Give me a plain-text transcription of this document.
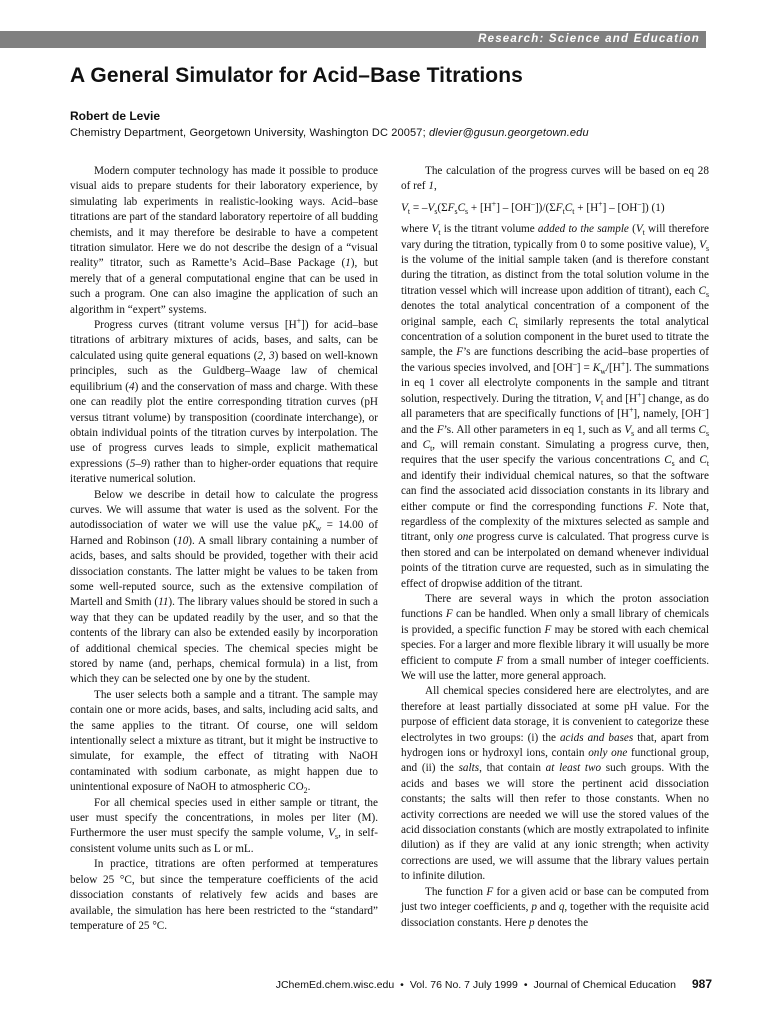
Research: Science and Education
A General Simulator for Acid–Base Titrations
Robert de Levie
Chemistry Department, Georgetown University, Washington DC 20057; dlevier@gusun.georgetown.edu

Modern computer technology has made it possible to produce visual aids to prepare students for their laboratory experience, by simulating lab experiments in realistic-looking ways. Acid–base titrations are part of the standard laboratory repertoire of all budding chemists, and it may therefore be desirable to have a competent titration simulator. Here we do not describe the design of a “visual reality” titrator, such as Ramette’s Acid–Base Package (1), but merely that of a general computational engine that can be used in such a program. One can also imagine the application of such an algorithm in “expert” systems.

Progress curves (titrant volume versus [H+]) for acid–base titrations of arbitrary mixtures of acids, bases, and salts, can be calculated using quite general equations (2, 3) based on well-known principles, such as the Guldberg–Waage law of chemical equilibrium (4) and the conservation of mass and charge. With these one can readily plot the entire corresponding titration curves (pH versus titrant volume) by transposition (coordinate interchange), or obtain individual points of the titration curves by interpolation. The use of progress curves leads to simple, explicit mathematical expressions (5–9) rather than to higher-order equations that require iterative numerical solution.

Below we describe in detail how to calculate the progress curves. We will assume that water is used as the solvent. For the autodissociation of water we will use the value $pK_w = 14.00$ of Harned and Robinson (10). A small library containing a number of acids, bases, and salts should be provided, together with their acid dissociation constants. The latter might be values to be taken from some well-reputed source, such as the extensive compilation of Martell and Smith (11). The library values should be stored in such a way that they can be updated readily by the user, and so that the contents of the library can also be extended easily by incorporation of additional chemical species. The chemical species might be stored by name (and, perhaps, chemical formula) in a list, from which they can be selected one by one by the student.

The user selects both a sample and a titrant. The sample may contain one or more acids, bases, and salts, including acid salts, and the same applies to the titrant. Of course, one will seldom intentionally select a mixture as titrant, but it might be instructive to simulate, for example, the effect of titrating with NaOH contaminated with sodium carbonate, as might happen due to unintentional exposure of NaOH to atmospheric $CO_2$.

For all chemical species used in either sample or titrant, the user must specify the concentrations, in moles per liter (M). Furthermore the user must specify the sample volume, $V_s$, in self-consistent volume units such as L or mL.

In practice, titrations are often performed at temperatures below 25 °C, but since the temperature coefficients of the acid dissociation constants of relatively few acids and bases are available, the simulation has here been restricted to the “standard” temperature of 25 °C.

The calculation of the progress curves will be based on eq 28 of ref 1,

$V_t = -V_s(\Sigma F_sC_s + [H^+] - [OH^-])/(\Sigma F_tC_t + [H^+] - [OH^-])$ (1)

where $V_t$ is the titrant volume added to the sample ($V_t$ will therefore vary during the titration, typically from 0 to some positive value), $V_s$ is the volume of the initial sample taken (and is therefore constant during the titration, as distinct from the total solution volume in the titration vessel which will increase upon addition of titrant), each $C_s$ denotes the total analytical concentration of a component of the original sample, each $C_t$ similarly represents the total analytical concentration of a solution component in the buret used to titrate the sample, the F’s are functions describing the acid–base properties of the various species involved, and $[OH^-] = K_w/[H^+]$. The summations in eq 1 cover all electrolyte components in the sample and titrant solution, respectively. During the titration, $V_t$ and [H+] change, as do all parameters that are specifically functions of [H+], namely, [OH–] and the F’s. All other parameters in eq 1, such as $V_s$ and all terms $C_s$ and $C_t$, will remain constant. Simulating a progress curve, then, requires that the user specify the various concentrations $C_s$ and $C_t$ and identify their individual chemical natures, so that the software can find the associated acid dissociation constants in its library and either compute or find the corresponding functions F. Note that, regardless of the complexity of the mixtures selected as sample and titrant, only one progress curve is calculated. That progress curve is then stored and can be interpolated on demand whenever individual points of the titration curve are requested, such as in simulating the effect of dropwise addition of the titrant.

There are several ways in which the proton association functions F can be handled. When only a small library of chemicals is provided, a specific function F may be stored with each chemical species. For a larger and more flexible library it will usually be more efficient to compute F from a small number of integer coefficients. We will use the latter, more general approach.

All chemical species considered here are electrolytes, and are therefore at least partially dissociated at some pH value. For the purpose of efficient data storage, it is convenient to categorize these electrolytes in two groups: (i) the acids and bases that, apart from hydrogen ions or hydroxyl ions, contain only one functional group, and (ii) the salts, that contain at least two such groups. With the acids and bases we will store the pertinent acid dissociation constants; the salts will then refer to those constants. When no activity corrections are needed we will use the stored values of the acid dissociation constants (which are mostly extrapolated to infinite dilution) as if they are valid at any ionic strength; when activity corrections are used, we will assume that the library values pertain to infinite dilution.

The function F for a given acid or base can be computed from just two integer coefficients, p and q, together with the requisite acid dissociation constants. Here p denotes the

JChemEd.chem.wisc.edu • Vol. 76 No. 7 July 1999 • Journal of Chemical Education 987
